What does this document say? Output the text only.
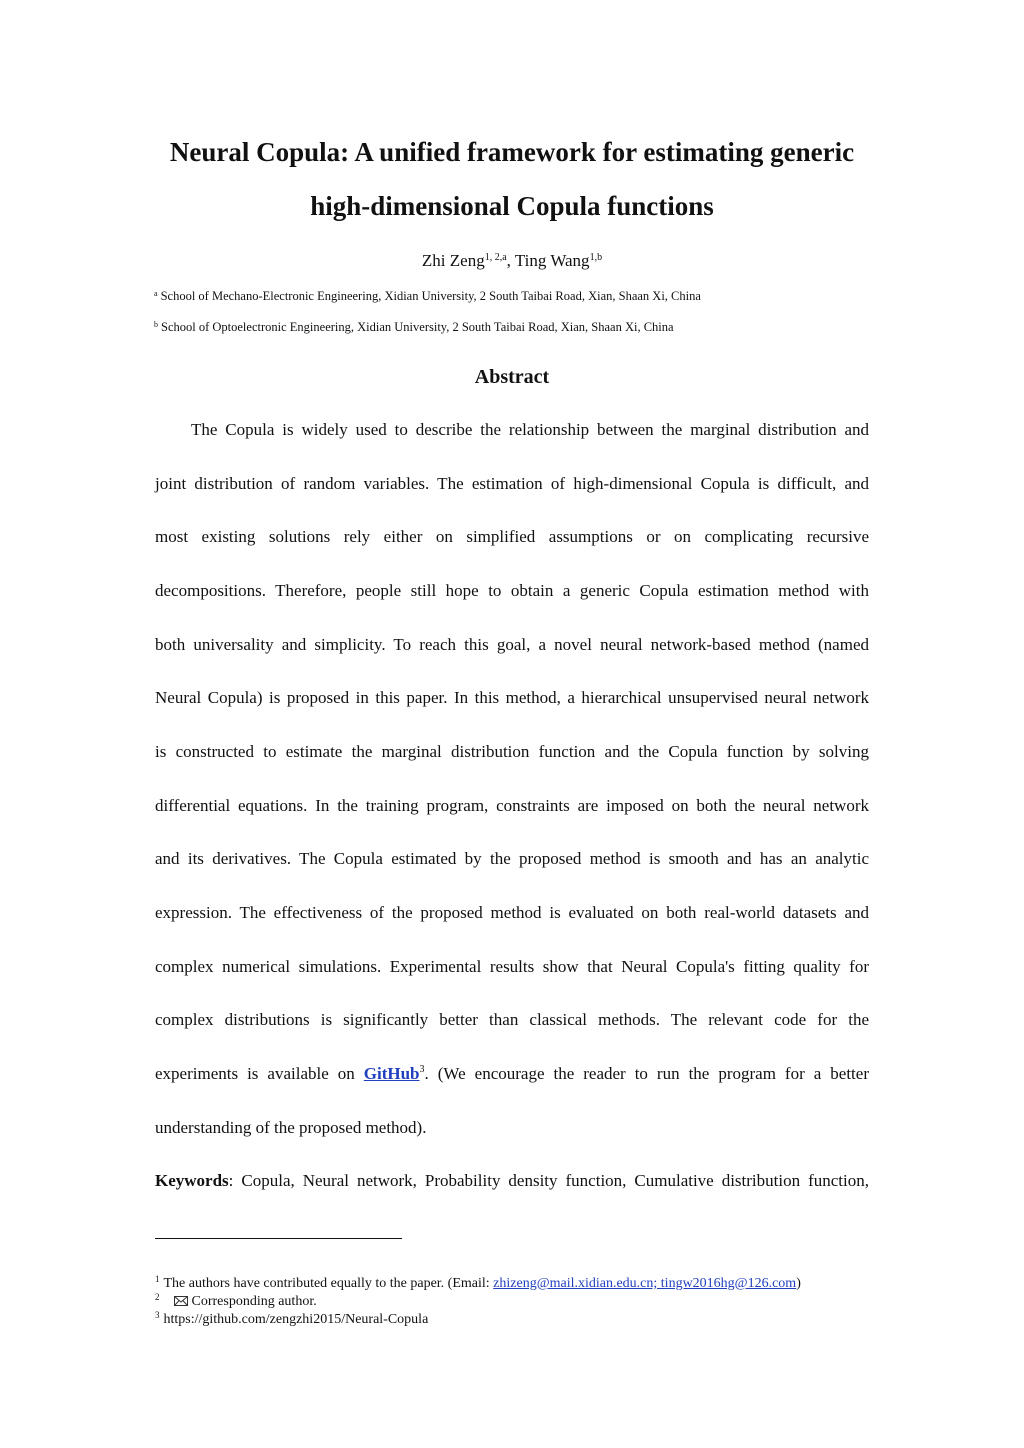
Neural Copula: A unified framework for estimating generic
high-dimensional Copula functions
Zhi Zeng$^{1, 2,a}$, Ting Wang$^{1,b}$
$^a$ School of Mechano-Electronic Engineering, Xidian University, 2 South Taibai Road, Xian, Shaan Xi, China
$^b$ School of Optoelectronic Engineering, Xidian University, 2 South Taibai Road, Xian, Shaan Xi, China
Abstract
The Copula is widely used to describe the relationship between the marginal distribution and
joint distribution of random variables. The estimation of high-dimensional Copula is difficult, and
most existing solutions rely either on simplified assumptions or on complicating recursive
decompositions. Therefore, people still hope to obtain a generic Copula estimation method with
both universality and simplicity. To reach this goal, a novel neural network-based method (named
Neural Copula) is proposed in this paper. In this method, a hierarchical unsupervised neural network
is constructed to estimate the marginal distribution function and the Copula function by solving
differential equations. In the training program, constraints are imposed on both the neural network
and its derivatives. The Copula estimated by the proposed method is smooth and has an analytic
expression. The effectiveness of the proposed method is evaluated on both real-world datasets and
complex numerical simulations. Experimental results show that Neural Copula's fitting quality for
complex distributions is significantly better than classical methods. The relevant code for the
experiments is available on GitHub$^3$. (We encourage the reader to run the program for a better
understanding of the proposed method).
Keywords: Copula, Neural network, Probability density function, Cumulative distribution function,
$^1$ The authors have contributed equally to the paper. (Email: zhizeng@mail.xidian.edu.cn; tingw2016hg@126.com)
$^2$ Corresponding author.
$^3$ https://github.com/zengzhi2015/Neural-Copula
